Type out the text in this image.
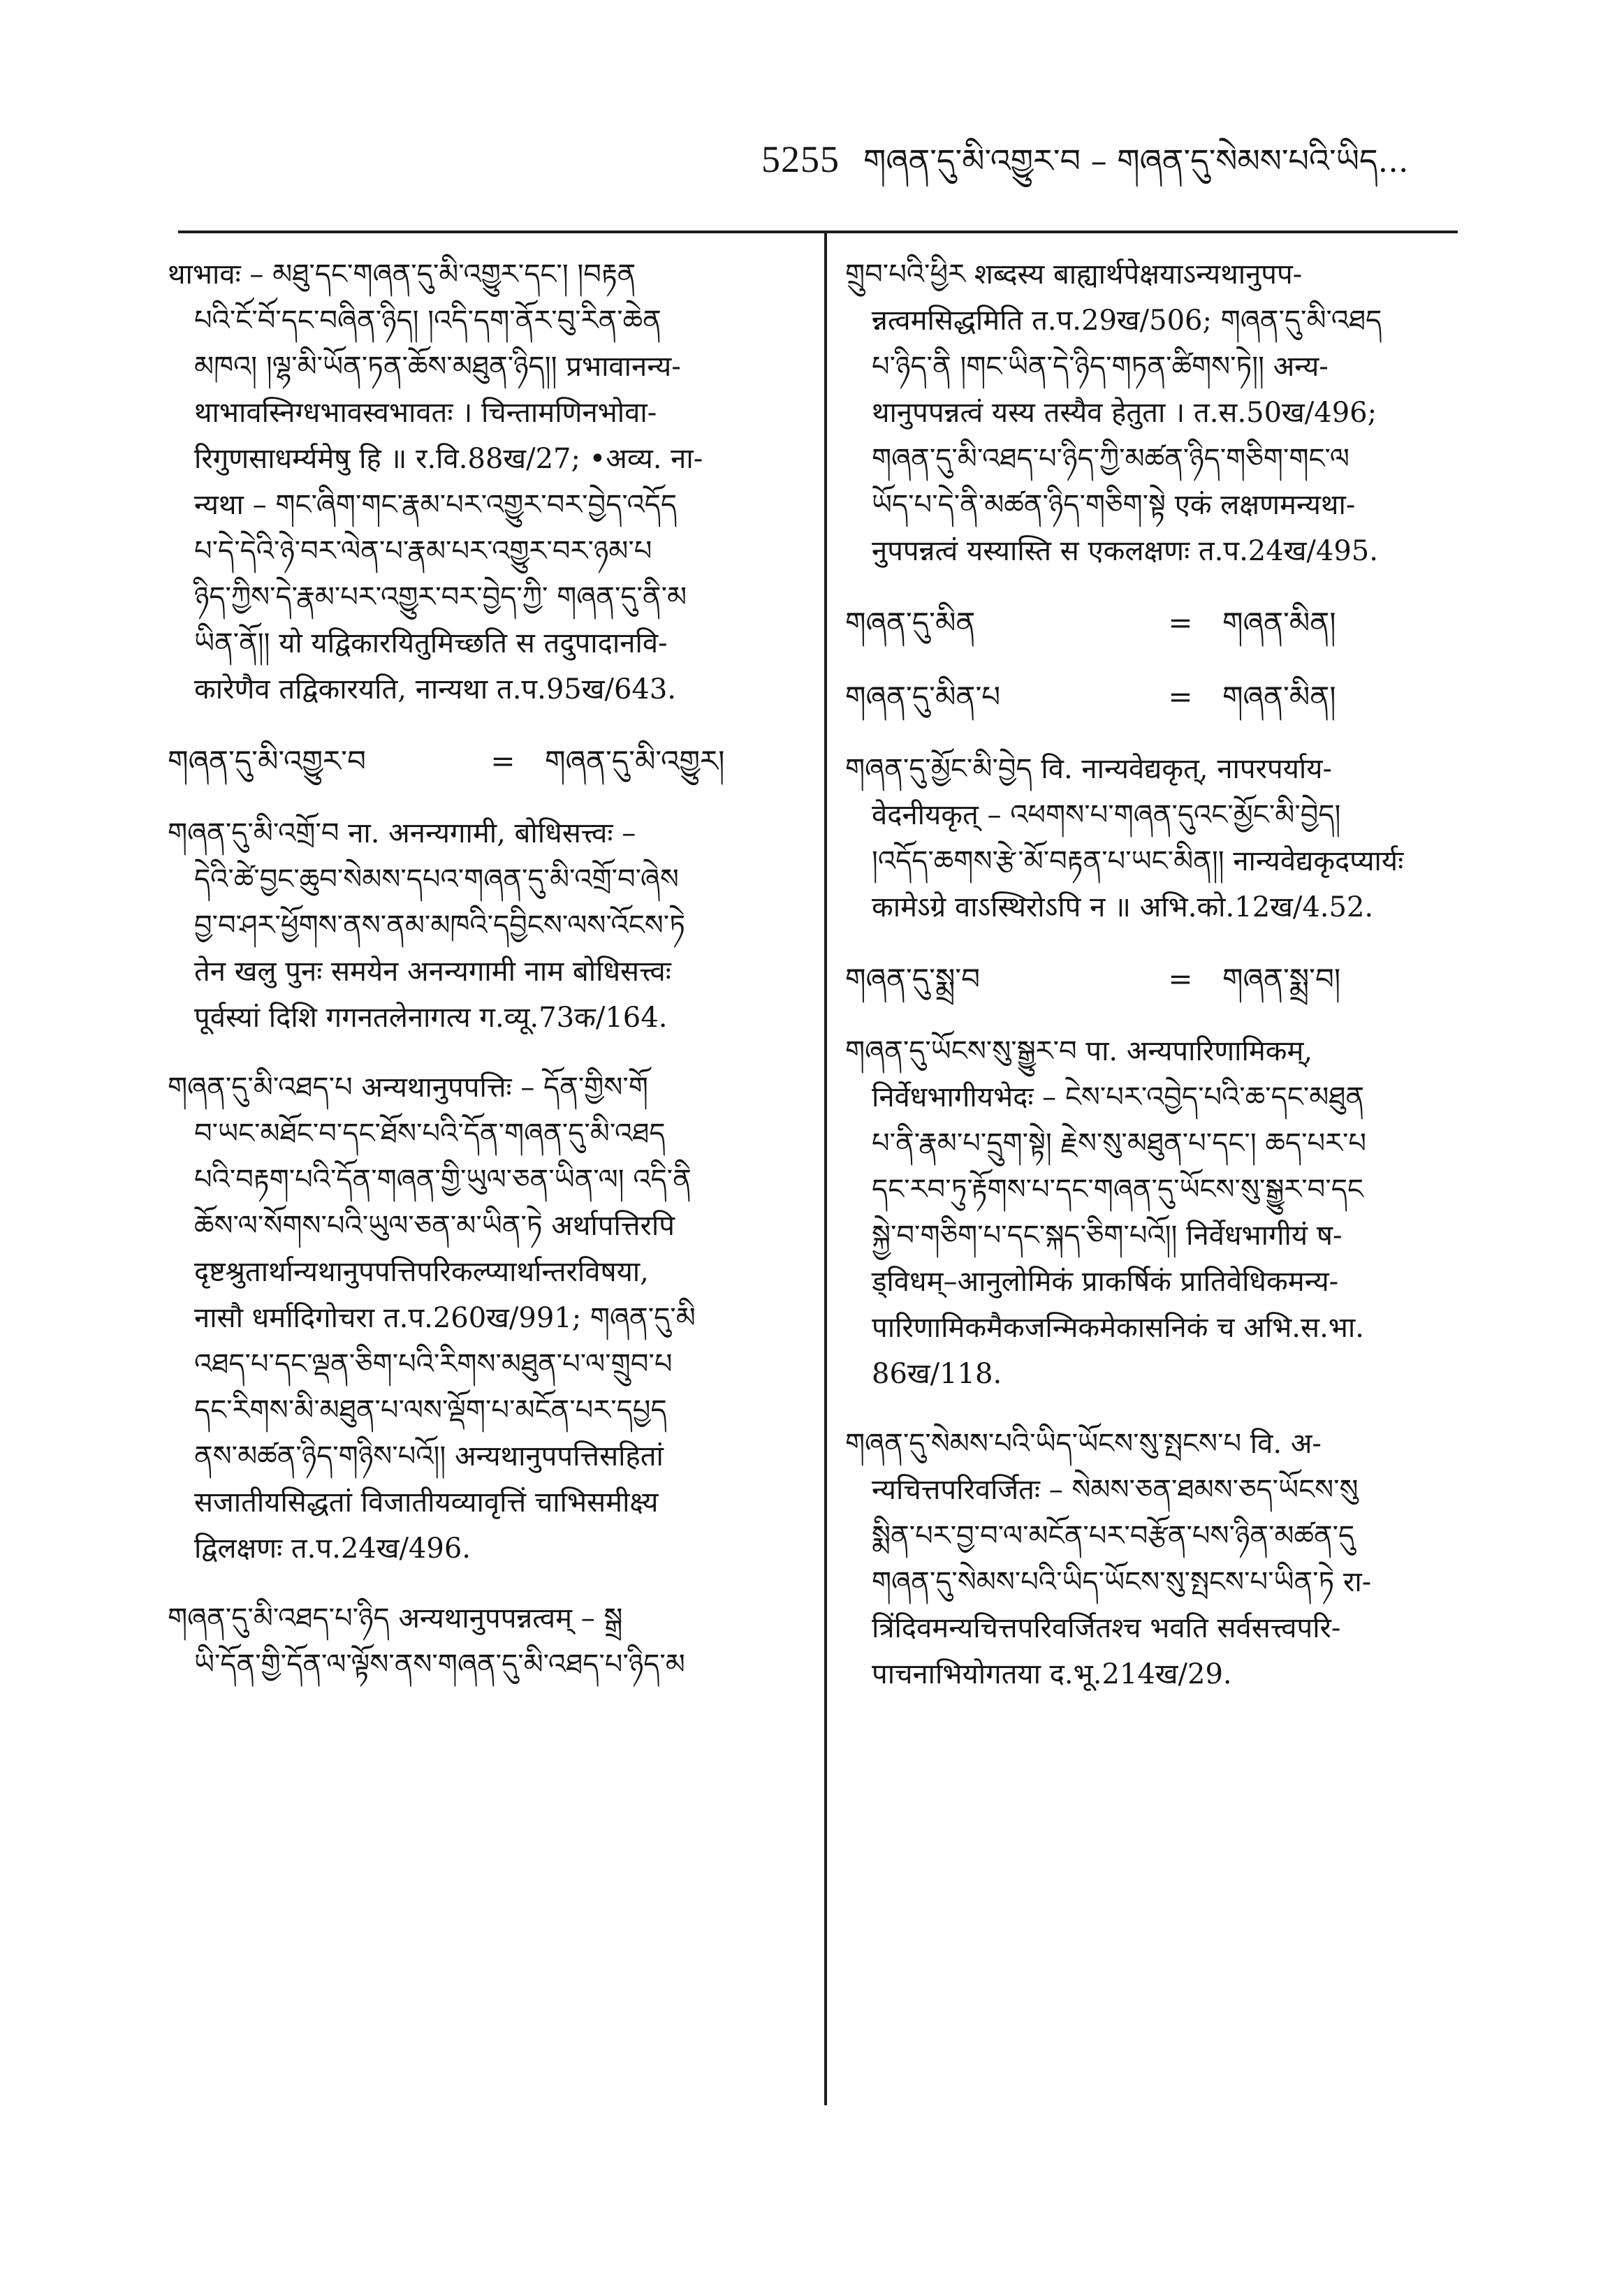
5255 གཞན་དུ་མི་འགྱུར་བ – གཞན་དུ་སེམས་པའི་ཡིད...
थाभावः – མཐུ་དང་གཞན་དུ་མི་འགྱུར་དང་། །བརྟན
པའི་ངོ་བོ་དང་བཞིན་ཉིད། །འདི་དག་ནོར་བུ་རིན་ཆེན
མཁའ། །ལྷ་མི་ཡོན་ཏན་ཆོས་མཐུན་ཉིད།། प्रभावानन्य-
थाभावस्निग्धभावस्वभावतः । चिन्तामणिनभोवा-
रिगुणसाधर्म्यमेषु हि ॥ र.वि.88ख/27; •अव्य. ना-
न्यथा – གང་ཞིག་གང་རྣམ་པར་འགྱུར་བར་བྱེད་འདོད
པ་དེ་དེའི་ཉེ་བར་ལེན་པ་རྣམ་པར་འགྱུར་བར་ཉམ་པ
ཉིད་ཀྱིས་དེ་རྣམ་པར་འགྱུར་བར་བྱེད་ཀྱི་ གཞན་དུ་ནི་མ
ཡིན་ནོ།། यो यद्विकारयितुमिच्छति स तदुपादानवि-
कारेणैव तद्विकारयति, नान्यथा त.प.95ख/643.
གཞན་དུ་མི་འགྱུར་བ	=	གཞན་དུ་མི་འགྱུར།
གཞན་དུ་མི་འགྲོ་བ ना. अनन्यगामी, बोधिसत्त्वः –
དེའི་ཚེ་བྱང་ཆུབ་སེམས་དཔའ་གཞན་དུ་མི་འགྲོ་བ་ཞེས
བྱ་བ་ཤར་ཕྱོགས་ནས་ནམ་མཁའི་དབྱིངས་ལས་འོངས་ཏེ
तेन खलु पुनः समयेन अनन्यगामी नाम बोधिसत्त्वः
पूर्वस्यां दिशि गगनतलेनागत्य ग.व्यू.73क/164.
གཞན་དུ་མི་འཐད་པ अन्यथानुपपत्तिः – དོན་གྱིས་གོ
བ་ཡང་མཐོང་བ་དང་ཐོས་པའི་དོན་གཞན་དུ་མི་འཐད
པའི་བརྟག་པའི་དོན་གཞན་གྱི་ཡུལ་ཅན་ཡིན་ལ། འདི་ནི
ཆོས་ལ་སོགས་པའི་ཡུལ་ཅན་མ་ཡིན་ཏེ अर्थापत्तिरपि
दृष्टश्रुतार्थान्यथानुपपत्तिपरिकल्प्यार्थान्तरविषया,
नासौ धर्मादिगोचरा त.प.260ख/991; གཞན་དུ་མི
འཐད་པ་དང་ལྡན་ཅིག་པའི་རིགས་མཐུན་པ་ལ་གྲུབ་པ
དང་རིགས་མི་མཐུན་པ་ལས་ལྡོག་པ་མངོན་པར་དཔྱད
ནས་མཚན་ཉིད་གཉིས་པའོ།། अन्यथानुपपत्तिसहितां
सजातीयसिद्धतां विजातीयव्यावृत्तिं चाभिसमीक्ष्य
द्विलक्षणः त.प.24ख/496.
གཞན་དུ་མི་འཐད་པ་ཉིད अन्यथानुपपन्नत्वम् – སྒྲ
ཡི་དོན་གྱི་དོན་ལ་ལྟོས་ནས་གཞན་དུ་མི་འཐད་པ་ཉིད་མ
གྲུབ་པའི་ཕྱིར शब्दस्य बाह्यार्थपेक्षयाऽन्यथानुपप-
न्नत्वमसिद्धमिति त.प.29ख/506; གཞན་དུ་མི་འཐད
པ་ཉིད་ནི །གང་ཡིན་དེ་ཉིད་གཏན་ཚིགས་ཏེ།། अन्य-
थानुपपन्नत्वं यस्य तस्यैव हेतुता । त.स.50ख/496;
གཞན་དུ་མི་འཐད་པ་ཉིད་ཀྱི་མཚན་ཉིད་གཅིག་གང་ལ
ཡོད་པ་དེ་ནི་མཚན་ཉིད་གཅིག་སྟེ एकं लक्षणमन्यथा-
नुपपन्नत्वं यस्यास्ति स एकलक्षणः त.प.24ख/495.
གཞན་དུ་མིན	=	གཞན་མིན།
གཞན་དུ་མིན་པ	=	གཞན་མིན།
གཞན་དུ་མྱོང་མི་བྱེད वि. नान्यवेद्यकृत्, नापरपर्याय-
वेदनीयकृत् – འཕགས་པ་གཞན་དུའང་མྱོང་མི་བྱེད།
།འདོད་ཆགས་རྩེ་མོ་བརྟན་པ་ཡང་མིན།། नान्यवेद्यकृदप्यार्यः
कामेऽग्रे वाऽस्थिरोऽपि न ॥ अभि.को.12ख/4.52.
གཞན་དུ་སྨྲ་བ	=	གཞན་སྨྲ་བ།
གཞན་དུ་ཡོངས་སུ་སྒྱུར་བ पा. अन्यपारिणामिकम्,
निर्वेधभागीयभेदः – ངེས་པར་འབྱེད་པའི་ཆ་དང་མཐུན
པ་ནི་རྣམ་པ་དྲུག་སྟེ། རྗེས་སུ་མཐུན་པ་དང་། ཆད་པར་པ
དང་རབ་ཏུ་རྟོགས་པ་དང་གཞན་དུ་ཡོངས་སུ་སྒྱུར་བ་དང
སྐྱེ་བ་གཅིག་པ་དང་སྐད་ཅིག་པའོ།། निर्वेधभागीयं ष-
ड्विधम्–आनुलोमिकं प्राकर्षिकं प्रातिवेधिकमन्य-
पारिणामिकमैकजन्मिकमेकासनिकं च अभि.स.भा.
86ख/118.
གཞན་དུ་སེམས་པའི་ཡིད་ཡོངས་སུ་སྤངས་པ वि. अ-
न्यचित्तपरिवर्जितः – སེམས་ཅན་ཐམས་ཅད་ཡོངས་སུ
སྨིན་པར་བྱ་བ་ལ་མངོན་པར་བརྩོན་པས་ཉིན་མཚན་དུ
གཞན་དུ་སེམས་པའི་ཡིད་ཡོངས་སུ་སྤངས་པ་ཡིན་ཏེ रा-
त्रिंदिवमन्यचित्तपरिवर्जितश्च भवति सर्वसत्त्वपरि-
पाचनाभियोगतया द.भू.214ख/29.
